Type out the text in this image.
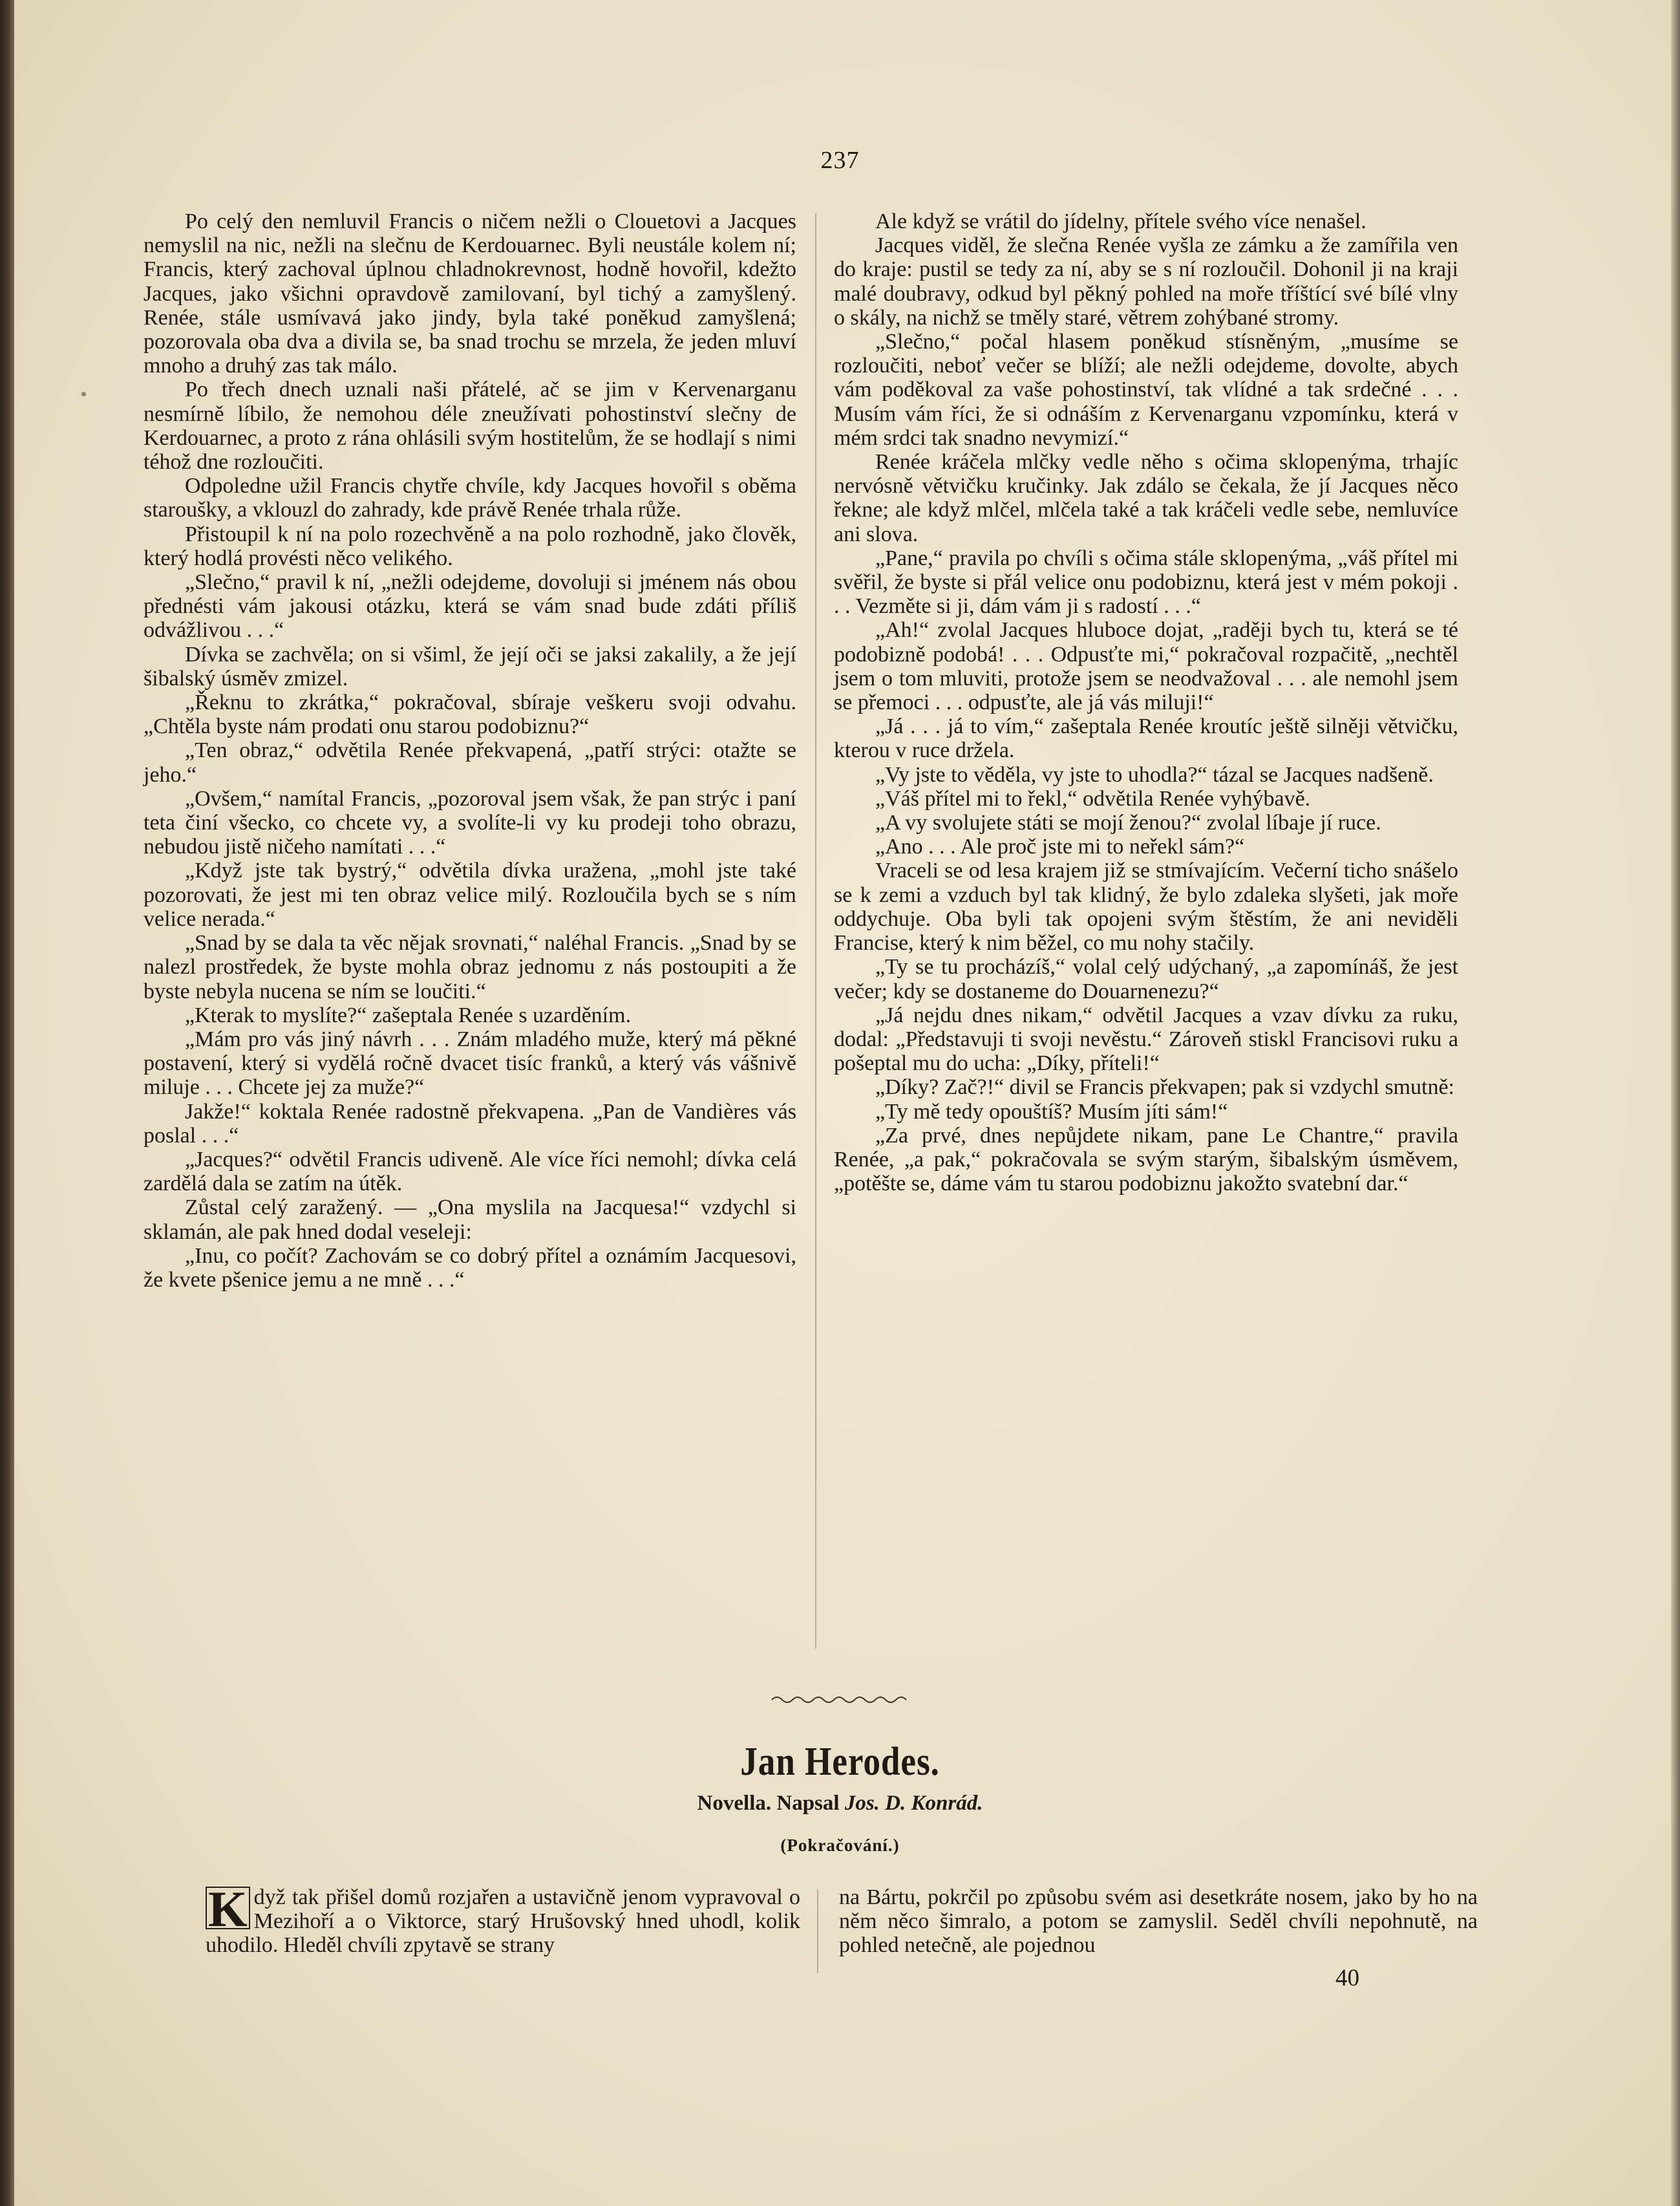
237

Po celý den nemluvil Francis o ničem nežli o Clouetovi a Jacques nemyslil na nic, nežli na slečnu de Kerdouarnec. Byli neustále kolem ní; Francis, který zachoval úplnou chladnokrevnost, hodně hovořil, kdežto Jacques, jako všichni opravdově zamilovaní, byl tichý a zamyšlený. Renée, stále usmívavá jako jindy, byla také poněkud zamyšlená; pozorovala oba dva a divila se, ba snad trochu se mrzela, že jeden mluví mnoho a druhý zas tak málo.

Po třech dnech uznali naši přátelé, ač se jim v Kervenarganu nesmírně líbilo, že nemohou déle zneužívati pohostinství slečny de Kerdouarnec, a proto z rána ohlásili svým hostitelům, že se hodlají s nimi téhož dne rozloučiti.

Odpoledne užil Francis chytře chvíle, kdy Jacques hovořil s oběma staroušky, a vklouzl do zahrady, kde právě Renée trhala růže.

Přistoupil k ní na polo rozechvěně a na polo rozhodně, jako člověk, který hodlá provésti něco velikého.

„Slečno,“ pravil k ní, „nežli odejdeme, dovoluji si jménem nás obou přednésti vám jakousi otázku, která se vám snad bude zdáti příliš odvážlivou . . .“

Dívka se zachvěla; on si všiml, že její oči se jaksi zakalily, a že její šibalský úsměv zmizel.

„Řeknu to zkrátka,“ pokračoval, sbíraje veškeru svoji odvahu. „Chtěla byste nám prodati onu starou podobiznu?“

„Ten obraz,“ odvětila Renée překvapená, „patří strýci: otažte se jeho.“

„Ovšem,“ namítal Francis, „pozoroval jsem však, že pan strýc i paní teta činí všecko, co chcete vy, a svolíte-li vy ku prodeji toho obrazu, nebudou jistě ničeho namítati . . .“

„Když jste tak bystrý,“ odvětila dívka uražena, „mohl jste také pozorovati, že jest mi ten obraz velice milý. Rozloučila bych se s ním velice nerada.“

„Snad by se dala ta věc nějak srovnati,“ naléhal Francis. „Snad by se nalezl prostředek, že byste mohla obraz jednomu z nás postoupiti a že byste nebyla nucena se ním se loučiti.“

„Kterak to myslíte?“ zašeptala Renée s uzarděním.

„Mám pro vás jiný návrh . . . Znám mladého muže, který má pěkné postavení, který si vydělá ročně dvacet tisíc franků, a který vás vášnivě miluje . . . Chcete jej za muže?“

Jakže!“ koktala Renée radostně překvapena. „Pan de Vandières vás poslal . . .“

„Jacques?“ odvětil Francis udiveně. Ale více říci nemohl; dívka celá zardělá dala se zatím na útěk.

Zůstal celý zaražený. — „Ona myslila na Jacquesa!“ vzdychl si sklamán, ale pak hned dodal veseleji:

„Inu, co počít? Zachovám se co dobrý přítel a oznámím Jacquesovi, že kvete pšenice jemu a ne mně . . .“

Ale když se vrátil do jídelny, přítele svého více nenašel.

Jacques viděl, že slečna Renée vyšla ze zámku a že zamířila ven do kraje: pustil se tedy za ní, aby se s ní rozloučil. Dohonil ji na kraji malé doubravy, odkud byl pěkný pohled na moře tříštící své bílé vlny o skály, na nichž se tměly staré, větrem zohýbané stromy.

„Slečno,“ počal hlasem poněkud stísněným, „musíme se rozloučiti, neboť večer se blíží; ale nežli odejdeme, dovolte, abych vám poděkoval za vaše pohostinství, tak vlídné a tak srdečné . . . Musím vám říci, že si odnáším z Kervenarganu vzpomínku, která v mém srdci tak snadno nevymizí.“

Renée kráčela mlčky vedle něho s očima sklopenýma, trhajíc nervósně větvičku kručinky. Jak zdálo se čekala, že jí Jacques něco řekne; ale když mlčel, mlčela také a tak kráčeli vedle sebe, nemluvíce ani slova.

„Pane,“ pravila po chvíli s očima stále sklopenýma, „váš přítel mi svěřil, že byste si přál velice onu podobiznu, která jest v mém pokoji . . . Vezměte si ji, dám vám ji s radostí . . .“

„Ah!“ zvolal Jacques hluboce dojat, „raději bych tu, která se té podobizně podobá! . . . Odpusťte mi,“ pokračoval rozpačitě, „nechtěl jsem o tom mluviti, protože jsem se neodvažoval . . . ale nemohl jsem se přemoci . . . odpusťte, ale já vás miluji!“

„Já . . . já to vím,“ zašeptala Renée kroutíc ještě silněji větvičku, kterou v ruce držela.

„Vy jste to věděla, vy jste to uhodla?“ tázal se Jacques nadšeně.

„Váš přítel mi to řekl,“ odvětila Renée vyhýbavě.

„A vy svolujete státi se mojí ženou?“ zvolal líbaje jí ruce.

„Ano . . . Ale proč jste mi to neřekl sám?“

Vraceli se od lesa krajem již se stmívajícím. Večerní ticho snášelo se k zemi a vzduch byl tak klidný, že bylo zdaleka slyšeti, jak moře oddychuje. Oba byli tak opojeni svým štěstím, že ani neviděli Francise, který k nim běžel, co mu nohy stačily.

„Ty se tu procházíš,“ volal celý udýchaný, „a zapomínáš, že jest večer; kdy se dostaneme do Douarnenezu?“

„Já nejdu dnes nikam,“ odvětil Jacques a vzav dívku za ruku, dodal: „Představuji ti svoji nevěstu.“ Zároveň stiskl Francisovi ruku a pošeptal mu do ucha: „Díky, příteli!“

„Díky? Zač?!“ divil se Francis překvapen; pak si vzdychl smutně:

„Ty mě tedy opouštíš? Musím jíti sám!“

„Za prvé, dnes nepůjdete nikam, pane Le Chantre,“ pravila Renée, „a pak,“ pokračovala se svým starým, šibalským úsměvem, „potěšte se, dáme vám tu starou podobiznu jakožto svatební dar.“

Jan Herodes.
Novella. Napsal Jos. D. Konrád.
(Pokračování.)

K dyž tak přišel domů rozjařen a ustavičně jenom vypravoval o Mezihoří a o Viktorce, starý Hrušovský hned uhodl, kolik uhodilo. Hleděl chvíli zpytavě se strany

na Bártu, pokrčil po způsobu svém asi desetkráte nosem, jako by ho na něm něco šimralo, a potom se zamyslil. Seděl chvíli nepohnutě, na pohled netečně, ale pojednou

40
